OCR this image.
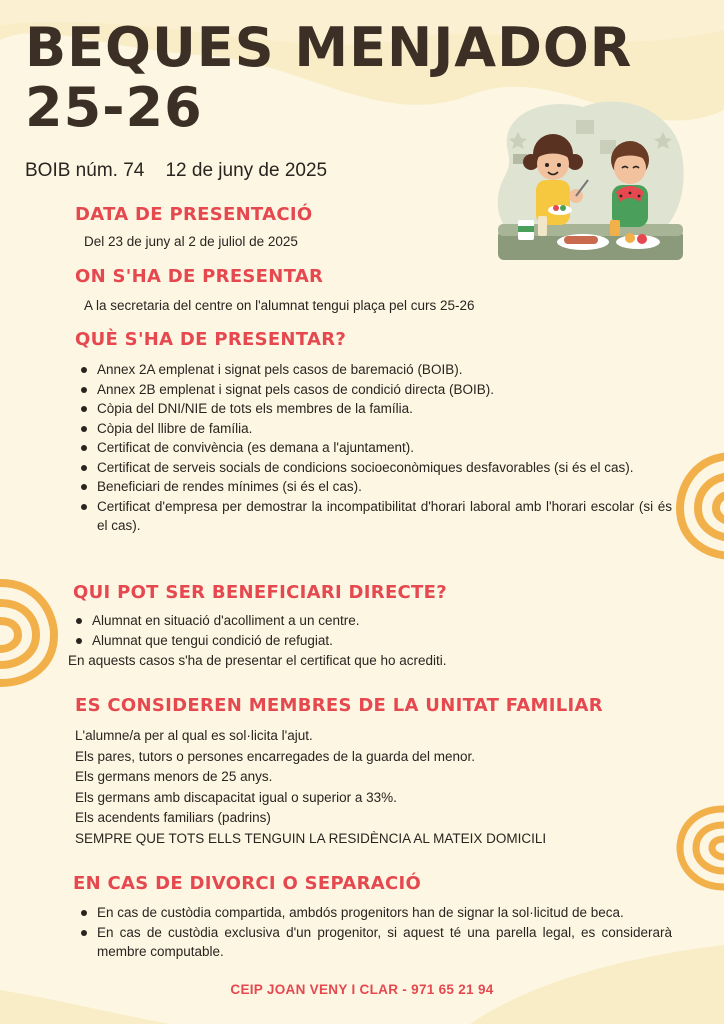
BEQUES MENJADOR
25-26
BOIB núm. 74 12 de juny de 2025
DATA DE PRESENTACIÓ
Del 23 de juny al 2 de juliol de 2025
ON S'HA DE PRESENTAR
A la secretaria del centre on l'alumnat tengui plaça pel curs 25-26
QUÈ S'HA DE PRESENTAR?
Annex 2A emplenat i signat pels casos de baremació (BOIB).
Annex 2B emplenat i signat pels casos de condició directa (BOIB).
Còpia del DNI/NIE de tots els membres de la família.
Còpia del llibre de família.
Certificat de convivència (es demana a l'ajuntament).
Certificat de serveis socials de condicions socioeconòmiques desfavorables (si és el cas).
Beneficiari de rendes mínimes (si és el cas).
Certificat d'empresa per demostrar la incompatibilitat d'horari laboral amb l'horari escolar (si és el cas).
QUI POT SER BENEFICIARI DIRECTE?
Alumnat en situació d'acolliment a un centre.
Alumnat que tengui condició de refugiat.
En aquests casos s'ha de presentar el certificat que ho acrediti.
ES CONSIDEREN MEMBRES DE LA UNITAT FAMILIAR
L'alumne/a per al qual es sol·licita l'ajut.
Els pares, tutors o persones encarregades de la guarda del menor.
Els germans menors de 25 anys.
Els germans amb discapacitat igual o superior a 33%.
Els acendents familiars (padrins)
SEMPRE QUE TOTS ELLS TENGUIN LA RESIDÈNCIA AL MATEIX DOMICILI
EN CAS DE DIVORCI O SEPARACIÓ
En cas de custòdia compartida, ambdós progenitors han de signar la sol·licitud de beca.
En cas de custòdia exclusiva d'un progenitor, si aquest té una parella legal, es considerarà membre computable.
CEIP JOAN VENY I CLAR - 971 65 21 94
